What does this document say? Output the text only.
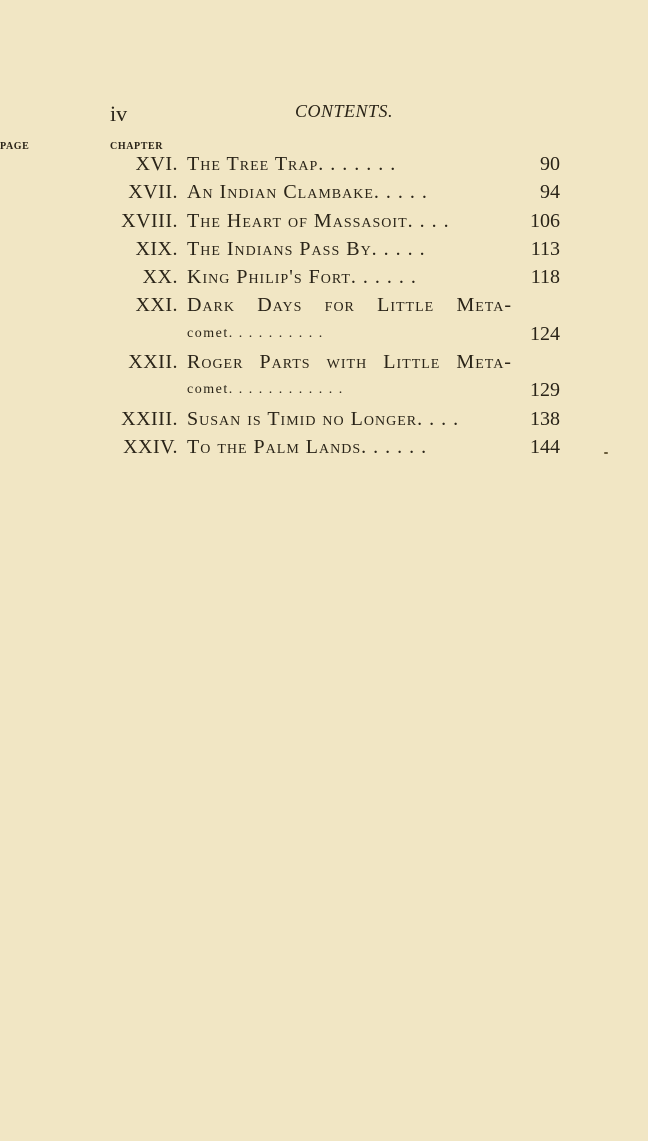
iv	CONTENTS.
CHAPTER
PAGE
XVI. The Tree Trap. . . . . . .	90
XVII. An Indian Clambake. . . . .	94
XVIII. The Heart of Massasoit. . . .	106
XIX. The Indians Pass By. . . . .	113
XX. King Philip's Fort. . . . . .	118
XXI. Dark Days for Little Meta-
comet. . . . . . . . . .	124
XXII. Roger Parts with Little Meta-
comet. . . . . . . . . . . .	129
XXIII. Susan is Timid no Longer. . . .	138
XXIV. To the Palm Lands. . . . . .	144
